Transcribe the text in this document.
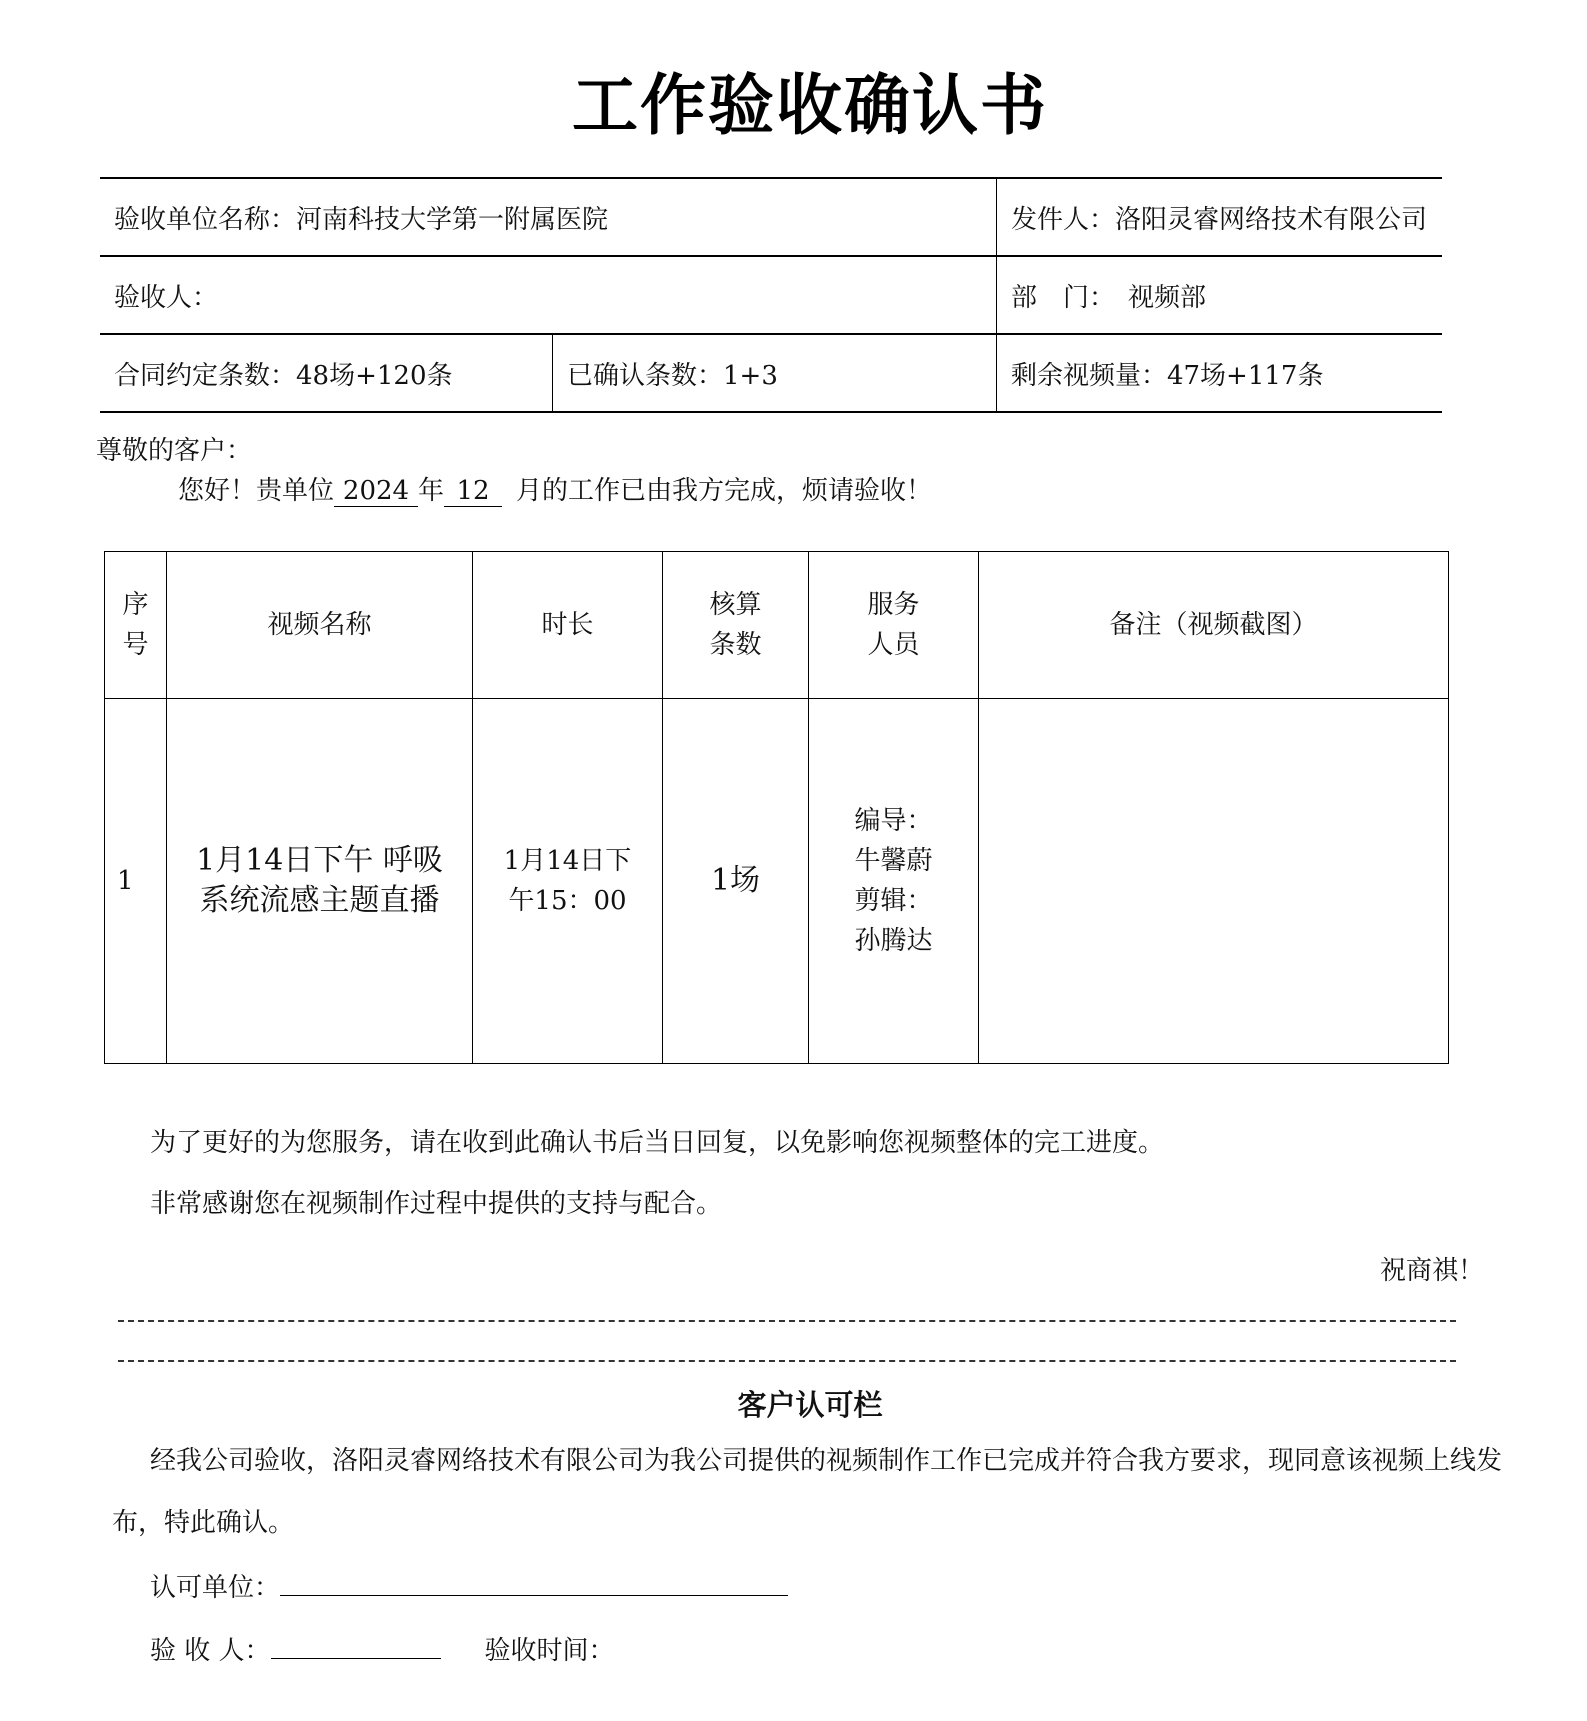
工作验收确认书
验收单位名称：河南科技大学第一附属医院		发件人：洛阳灵睿网络技术有限公司
验收人：		部　门：　视频部
合同约定条数：48场+120条	已确认条数：1+3	剩余视频量：47场+117条
尊敬的客户：
您好！贵单位 2024 年 12 月的工作已由我方完成，烦请验收！
序号	视频名称	时长	核算条数	服务人员	备注（视频截图）
1	1月14日下午 呼吸系统流感主题直播	1月14日下午15：00	1场	编导：牛馨蔚 剪辑：孙腾达	
为了更好的为您服务，请在收到此确认书后当日回复，以免影响您视频整体的完工进度。
非常感谢您在视频制作过程中提供的支持与配合。
祝商祺！
客户认可栏
经我公司验收，洛阳灵睿网络技术有限公司为我公司提供的视频制作工作已完成并符合我方要求，现同意该视频上线发布，特此确认。
认可单位：
验 收 人：	验收时间：
